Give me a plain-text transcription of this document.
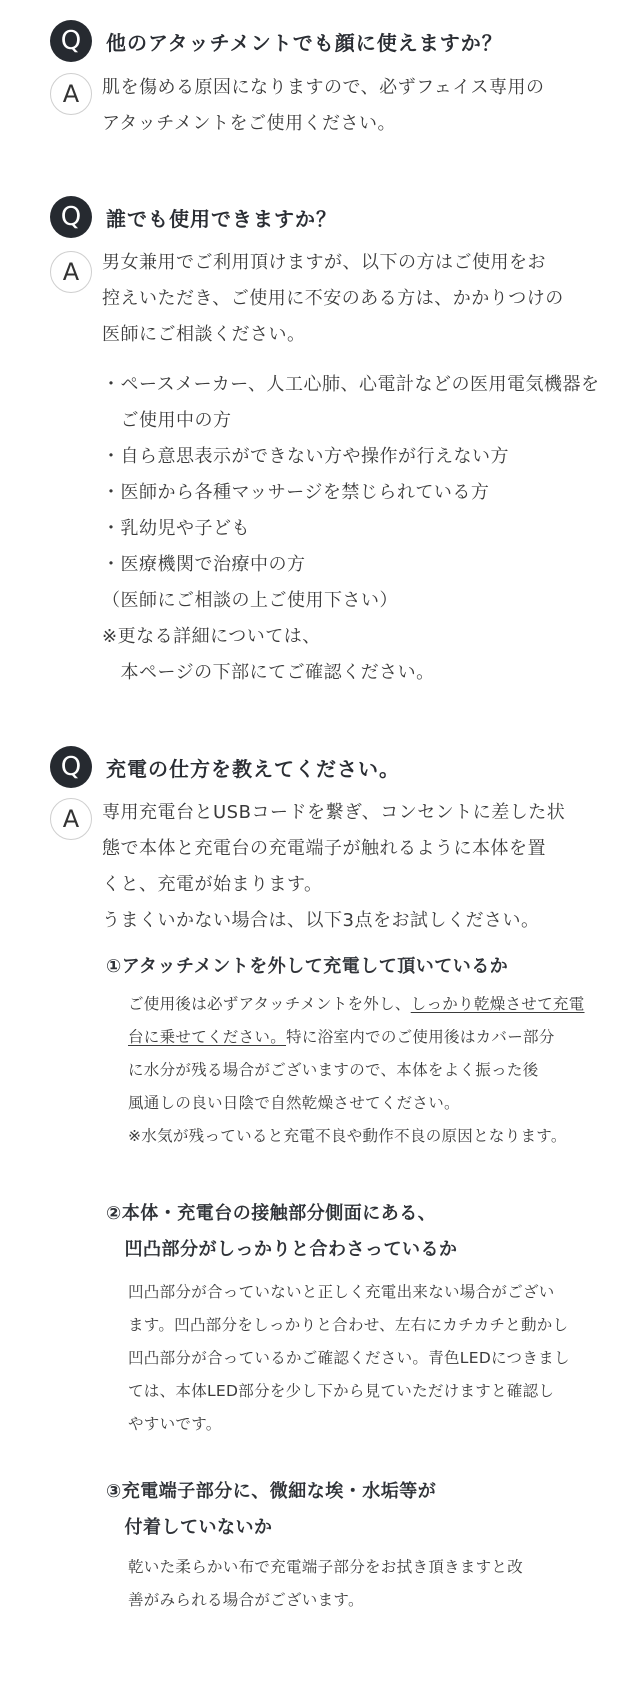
Q	他のアタッチメントでも顔に使えますか？
A	肌を傷める原因になりますので、必ずフェイス専用の
アタッチメントをご使用ください。
Q	誰でも使用できますか？
A	男女兼用でご利用頂けますが、以下の方はご使用をお
控えいただき、ご使用に不安のある方は、かかりつけの
医師にご相談ください。
・ペースメーカー、人工心肺、心電計などの医用電気機器を
　ご使用中の方
・自ら意思表示ができない方や操作が行えない方
・医師から各種マッサージを禁じられている方
・乳幼児や子ども
・医療機関で治療中の方
（医師にご相談の上ご使用下さい）
※更なる詳細については、
　本ページの下部にてご確認ください。
Q	充電の仕方を教えてください。
A	専用充電台とUSBコードを繋ぎ、コンセントに差した状
態で本体と充電台の充電端子が触れるように本体を置
くと、充電が始まります。
うまくいかない場合は、以下3点をお試しください。
①アタッチメントを外して充電して頂いているか
ご使用後は必ずアタッチメントを外し、しっかり乾燥させて充電
台に乗せてください。特に浴室内でのご使用後はカバー部分
に水分が残る場合がございますので、本体をよく振った後
風通しの良い日陰で自然乾燥させてください。
※水気が残っていると充電不良や動作不良の原因となります。
②本体・充電台の接触部分側面にある、
　凹凸部分がしっかりと合わさっているか
凹凸部分が合っていないと正しく充電出来ない場合がござい
ます。凹凸部分をしっかりと合わせ、左右にカチカチと動かし
凹凸部分が合っているかご確認ください。青色LEDにつきまし
ては、本体LED部分を少し下から見ていただけますと確認し
やすいです。
③充電端子部分に、微細な埃・水垢等が
　付着していないか
乾いた柔らかい布で充電端子部分をお拭き頂きますと改
善がみられる場合がございます。
